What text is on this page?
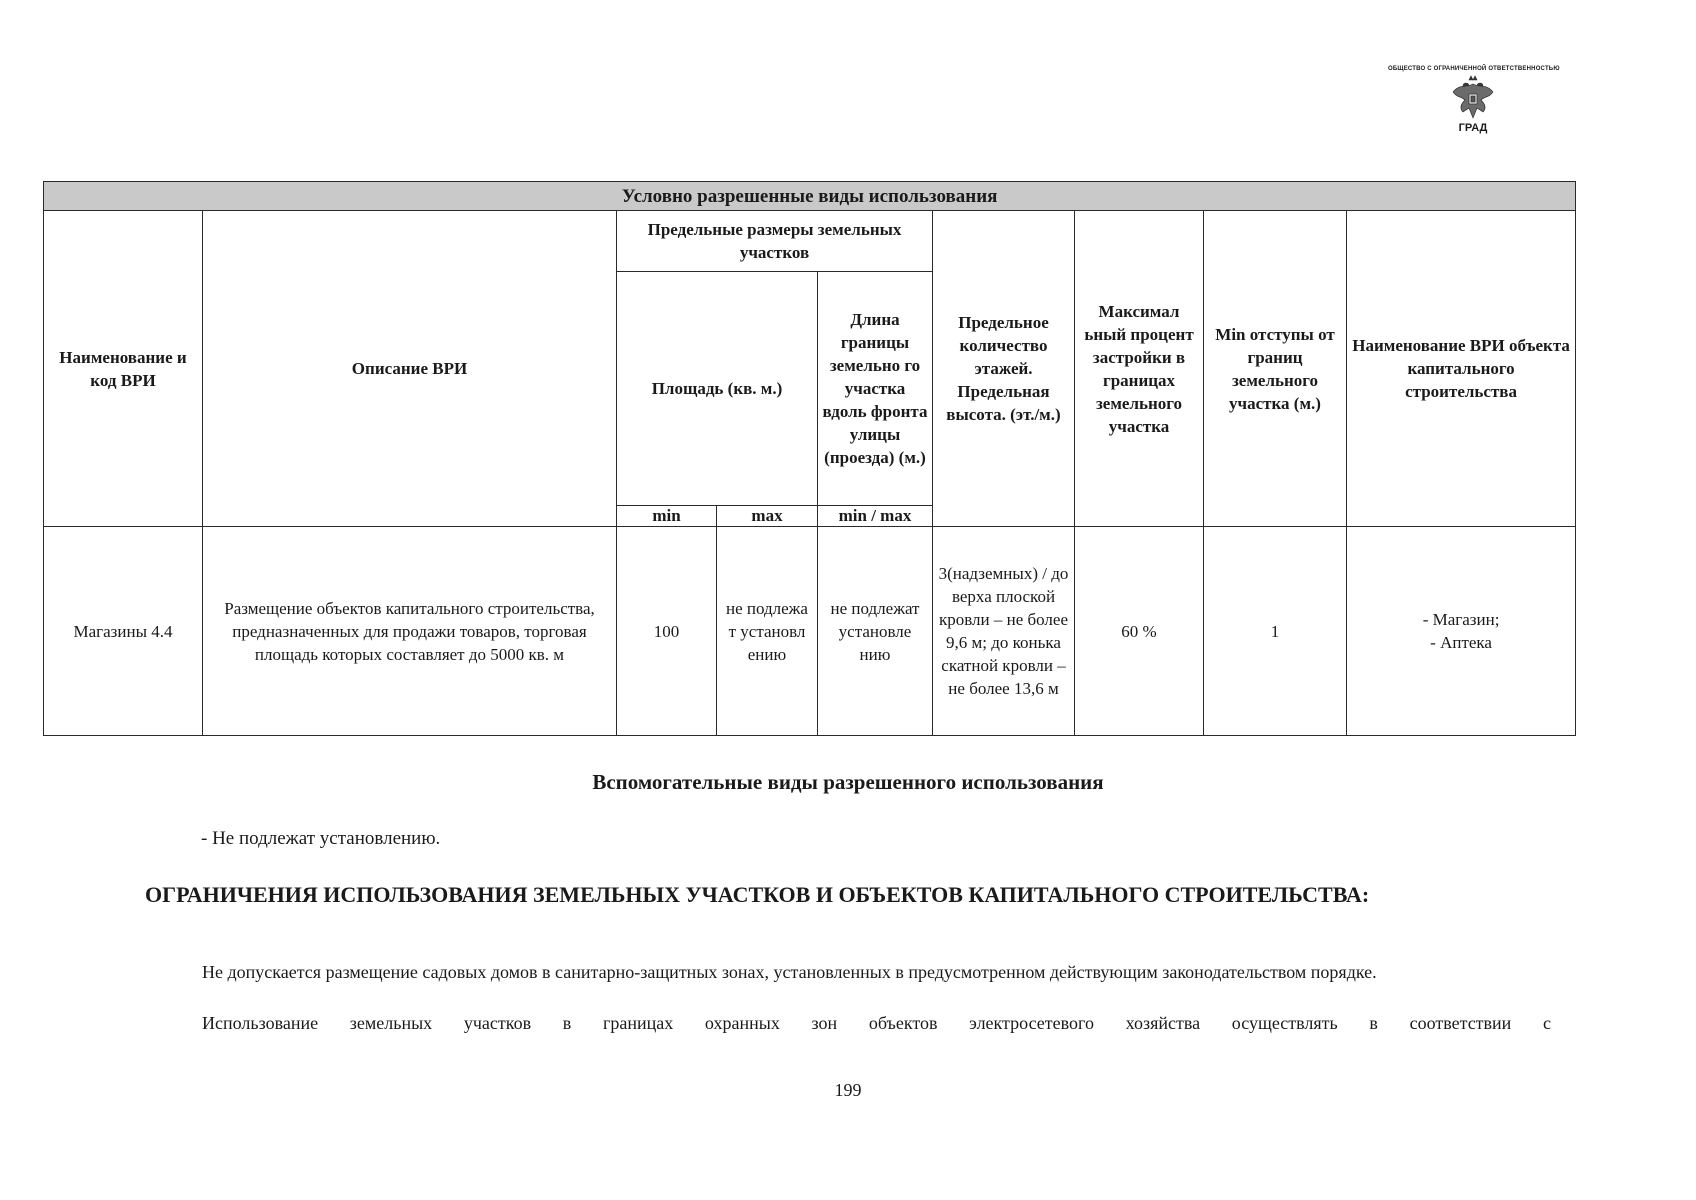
ОБЩЕСТВО С ОГРАНИЧЕННОЙ ОТВЕТСТВЕННОСТЬЮ
ГРАД
Условно разрешенные виды использования								
Наименование и код ВРИ	Описание ВРИ	Предельные размеры земельных участков			Предельное количество этажей. Предельная высота. (эт./м.)	Максимал ьный процент застройки в границах земельного участка	Min отступы от границ земельного участка (м.)	Наименование ВРИ объекта капитального строительства
		Площадь (кв. м.)		Длина границы земельно го участка вдоль фронта улицы (проезда) (м.)				
		min	max	min / max				
Магазины 4.4	Размещение объектов капитального строительства, предназначенных для продажи товаров, торговая площадь которых составляет до 5000 кв. м	100	не подлежа т установл ению	не подлежат установле нию	3(надземных) / до верха плоской кровли – не более 9,6 м; до конька скатной кровли – не более 13,6 м	60 %	1	- Магазин;
- Аптека
Вспомогательные виды разрешенного использования
- Не подлежат установлению.
ОГРАНИЧЕНИЯ ИСПОЛЬЗОВАНИЯ ЗЕМЕЛЬНЫХ УЧАСТКОВ И ОБЪЕКТОВ КАПИТАЛЬНОГО СТРОИТЕЛЬСТВА:
Не допускается размещение садовых домов в санитарно-защитных зонах, установленных в предусмотренном действующим законодательством порядке.
Использование земельных участков в границах охранных зон объектов электросетевого хозяйства осуществлять в соответствии с
199
